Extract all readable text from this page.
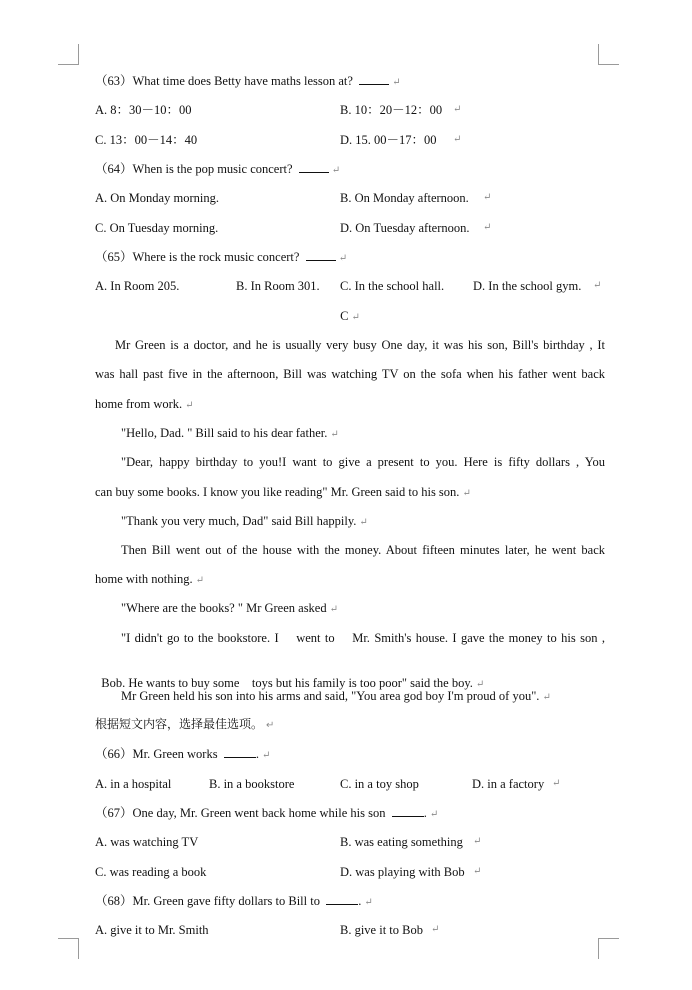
（63）What time does Betty have maths lesson at?	↵
A. 8：30－10：00	B. 10：20－12：00 ↵
C. 13：00－14：40	D. 15. 00－17：00 ↵
（64）When is the pop music concert?	↵
A. On Monday morning.	B. On Monday afternoon. ↵
C. On Tuesday morning.	D. On Tuesday afternoon. ↵
（65）Where is the rock music concert?	↵
A. In Room 205.	B. In Room 301. C. In the school hall. D. In the school gym. ↵
C ↵
Mr Green is a doctor, and he is usually very busy One day, it was his son, Bill's birthday , It
was hall past five in the afternoon, Bill was watching TV on the sofa when his father went back
home from work. ↵
"Hello, Dad. " Bill said to his dear father. ↵
"Dear, happy birthday to you!I want to give a present to you. Here is fifty dollars , You
can buy some books. I know you like reading" Mr. Green said to his son. ↵
"Thank you very much, Dad" said Bill happily. ↵
Then Bill went out of the house with the money. About fifteen minutes later, he went back
home with nothing. ↵
"Where are the books? " Mr Green asked ↵
"I didn't go to the bookstore. I    went to    Mr. Smith's house. I gave the money to his son ,

Bob. He wants to buy some    toys but his family is too poor" said the boy. ↵

Mr Green held his son into his arms and said, "You area god boy I'm proud of you". ↵
根据短文内容，选择最佳选项。 ↵
（66）Mr. Green works	. ↵
A. in a hospital	B. in a bookstore	C. in a toy shop	D. in a factory ↵
（67）One day, Mr. Green went back home while his son	. ↵
A. was watching TV	B. was eating something ↵
C. was reading a book	D. was playing with Bob ↵
（68）Mr. Green gave fifty dollars to Bill to	. ↵
A. give it to Mr. Smith	B. give it to Bob ↵
